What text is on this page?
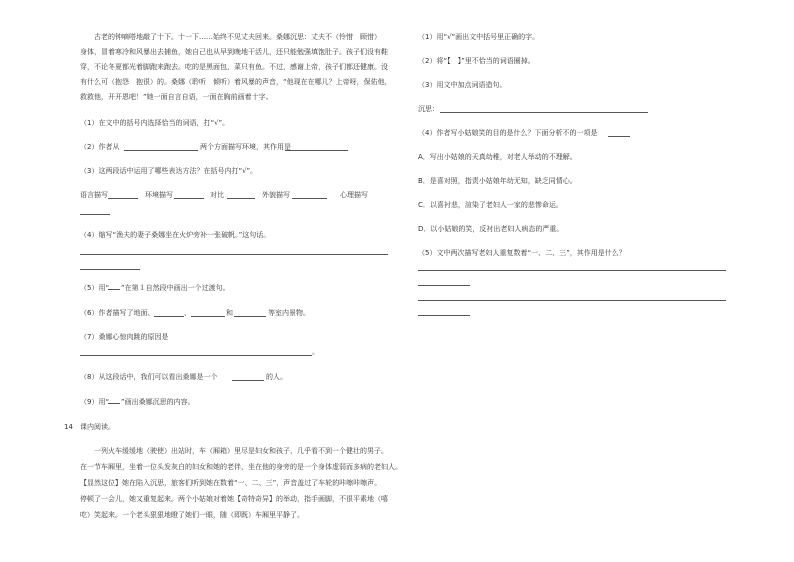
古老的钟嘀嗒地敲了十下。十一下……始终不见丈夫回来。桑娜沉思：丈夫不（怜惜　顾惜）
身体，冒着寒冷和风暴出去捕鱼，她自己也从早到晚地干活儿，还只能勉强填饱肚子。孩子们没有鞋
穿，不论冬夏都光着脚跑来跑去。吃的是黑面包，菜只有鱼。不过，感谢上帝，孩子们都还健康。没
有什么可（抱怨　抱很）的。桑娜（聆听　倾听）着风暴的声音，“他现在在哪儿？上帝呀，保佑他，
救救他，开开恩吧！”她一面自言自语，一面在胸前画着十字。
（1）在文中的括号内选择恰当的词语，打“√”。
（2）作者从	两个方面描写环境，其作用是
（3）这两段话中运用了哪些表达方法？在括号内打“√”。
语言描写	环境描写	对比	外貌描写	心理描写
（4）缩写“渔夫的妻子桑娜坐在火炉旁补一张破帆。”这句话。
（5）用“ ”在第１自然段中画出一个过渡句。
（6）作者描写了地面、	、	和	等室内景物。
（7）桑娜心惊肉跳的原因是
。
（8）从这段话中，我们可以看出桑娜是一个	的人。
（9）用“ ”画出桑娜沉思的内容。
14 课内阅读。
一列火车缓缓地（驶使）出站时，车（厢箱）里尽是妇女和孩子，几乎看不到一个健壮的男子。
在一节车厢里，坐着一位头发灰白的妇女和她的老伴，坐在他的身旁的是一个身体虚弱而多病的老妇人。
【显然这位】她在陷入沉思，旅客们听到她在数着“一、二、三”，声音盖过了车轮的咔嚓咔嚓声。
停顿了一会儿，她又重复起来。两个小姑娘对着她【奇特奇异】的举动，指手画脚，不很平素地（嘻
吃）笑起来。一个老头狠狠地瞪了她们一眼，随（即既）车厢里平静了。
（1）用“√”画出文中括号里正确的字。
（2）将“【　】”里不恰当的词语圈掉。
（3）用文中加点词语造句。
沉思：
（4）作者写小姑娘笑的目的是什么？下面分析不的一项是
A．写出小姑娘的天真幼稚，对老人举动的不理解。
B．是喜对照，指责小姑娘年幼无知，缺乏同情心。
C．以喜衬悲，渲染了老妇人一家的悲惨命运。
D．以小姑娘的笑，反衬出老妇人病态的严重。
（5）文中两次描写老妇人重复数着“一、二、三”，其作用是什么？
